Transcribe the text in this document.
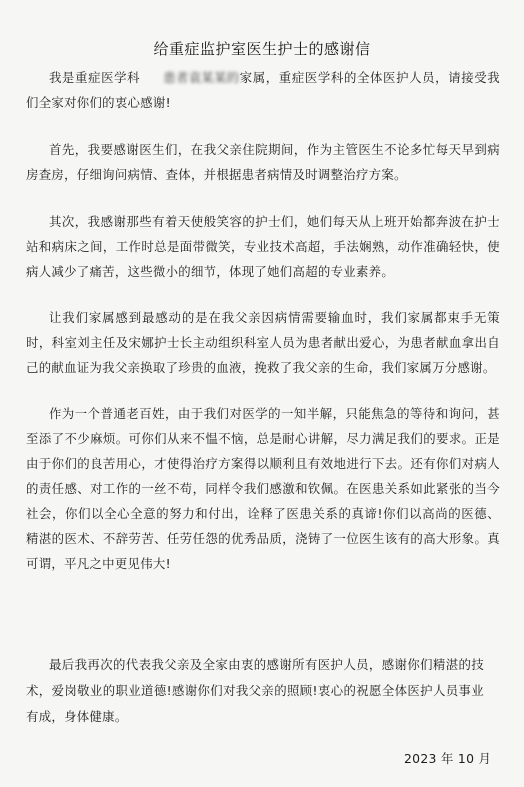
给重症监护室医生护士的感谢信

我是重症医学科 患者袁某某的家属，重症医学科的全体医护人员，请接受我们全家对你们的衷心感谢!

首先，我要感谢医生们，在我父亲住院期间，作为主管医生不论多忙每天早到病房查房，仔细询问病情、查体，并根据患者病情及时调整治疗方案。

其次，我感谢那些有着天使般笑容的护士们，她们每天从上班开始都奔波在护士站和病床之间，工作时总是面带微笑，专业技术高超，手法娴熟，动作准确轻快，使病人减少了痛苦，这些微小的细节，体现了她们高超的专业素养。

让我们家属感到最感动的是在我父亲因病情需要输血时，我们家属都束手无策时，科室刘主任及宋娜护士长主动组织科室人员为患者献出爱心，为患者献血拿出自己的献血证为我父亲换取了珍贵的血液，挽救了我父亲的生命，我们家属万分感谢。

作为一个普通老百姓，由于我们对医学的一知半解，只能焦急的等待和询问，甚至添了不少麻烦。可你们从来不愠不恼，总是耐心讲解，尽力满足我们的要求。正是由于你们的良苦用心，才使得治疗方案得以顺利且有效地进行下去。还有你们对病人的责任感、对工作的一丝不苟，同样令我们感激和钦佩。在医患关系如此紧张的当今社会，你们以全心全意的努力和付出，诠释了医患关系的真谛!你们以高尚的医德、精湛的医术、不辞劳苦、任劳任怨的优秀品质，浇铸了一位医生该有的高大形象。真可谓，平凡之中更见伟大!

最后我再次的代表我父亲及全家由衷的感谢所有医护人员，感谢你们精湛的技术，爱岗敬业的职业道德!感谢你们对我父亲的照顾!衷心的祝愿全体医护人员事业有成，身体健康。

2023 年 10 月
